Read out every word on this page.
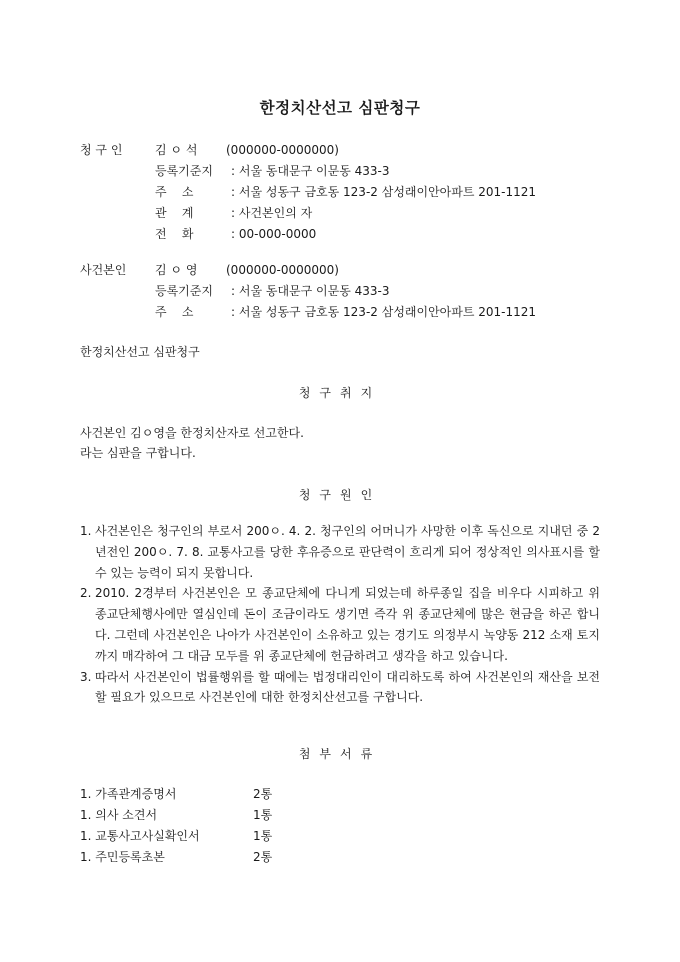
한정치산선고 심판청구
청 구 인	김 ㅇ 석 (000000-0000000)
등록기준지 : 서울 동대문구 이문동 433-3
주    소	: 서울 성동구 금호동 123-2 삼성래이안아파트 201-1121
관    계	: 사건본인의 자
전    화	: 00-000-0000
사건본인 김 ㅇ 영 (000000-0000000)
등록기준지 : 서울 동대문구 이문동 433-3
주    소	: 서울 성동구 금호동 123-2 삼성래이안아파트 201-1121
한정치산선고 심판청구
청구취지
사건본인 김ㅇ영을 한정치산자로 선고한다.
라는 심판을 구합니다.
청구원인
1. 사건본인은 청구인의 부로서 200ㅇ. 4. 2. 청구인의 어머니가 사망한 이후 독신으로 지내던 중 2년전인 200ㅇ. 7. 8. 교통사고를 당한 후유증으로 판단력이 흐리게 되어 정상적인 의사표시를 할 수 있는 능력이 되지 못합니다.
2. 2010. 2경부터 사건본인은 모 종교단체에 다니게 되었는데 하루종일 집을 비우다 시피하고 위 종교단체행사에만 열심인데 돈이 조금이라도 생기면 즉각 위 종교단체에 많은 현금을 하곤 합니다. 그런데 사건본인은 나아가 사건본인이 소유하고 있는 경기도 의정부시 녹양동 212 소재 토지까지 매각하여 그 대금 모두를 위 종교단체에 헌금하려고 생각을 하고 있습니다.
3. 따라서 사건본인이 법률행위를 할 때에는 법정대리인이 대리하도록 하여 사건본인의 재산을 보전할 필요가 있으므로 사건본인에 대한 한정치산선고를 구합니다.
첨부서류
1. 가족관계증명서	2통
1. 의사 소견서	1통
1. 교통사고사실확인서	1통
1. 주민등록초본	2통
